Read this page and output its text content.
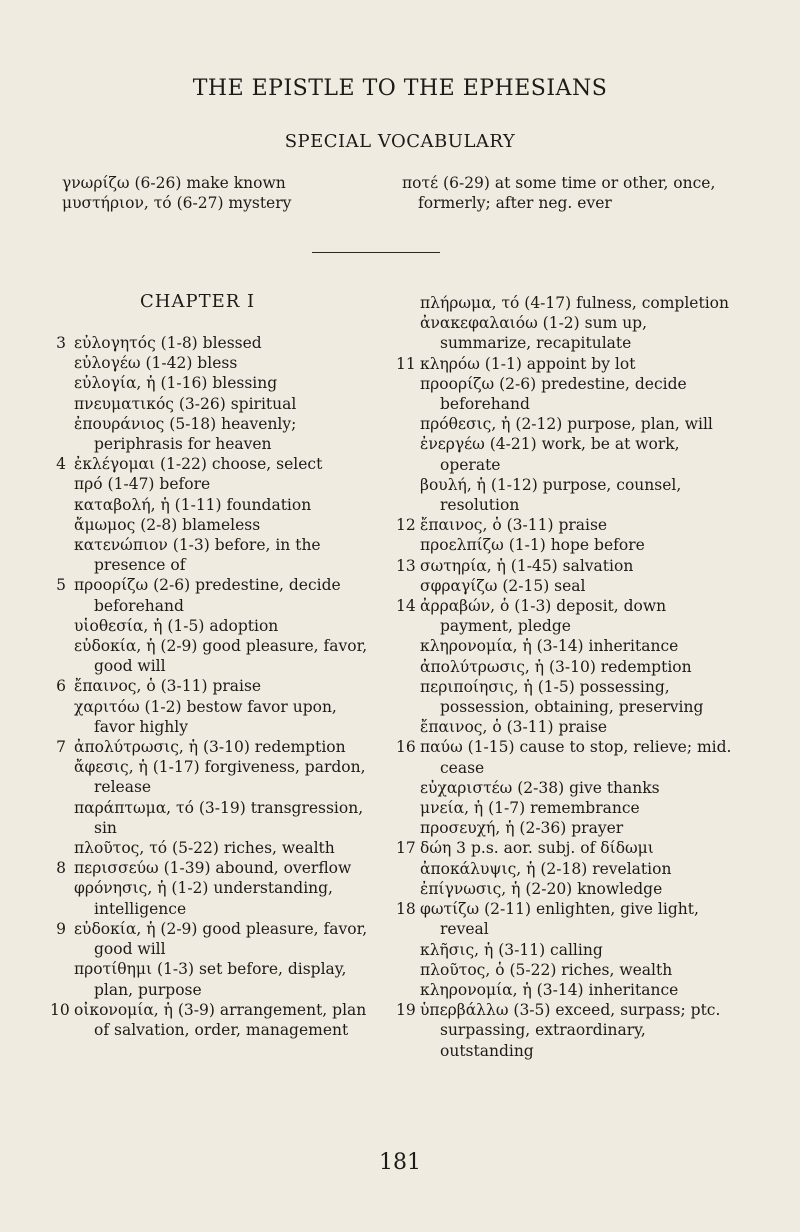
THE EPISTLE TO THE EPHESIANS
SPECIAL VOCABULARY
γνωρίζω (6-26) make known
μυστήριον, τό (6-27) mystery
ποτέ (6-29) at some time or other, once, formerly; after neg. ever
CHAPTER I
3 εὐλογητός (1-8) blessed
εὐλογέω (1-42) bless
εὐλογία, ἡ (1-16) blessing
πνευματικός (3-26) spiritual
ἐπουράνιος (5-18) heavenly; periphrasis for heaven
4 ἐκλέγομαι (1-22) choose, select
πρό (1-47) before
καταβολή, ἡ (1-11) foundation
ἄμωμος (2-8) blameless
κατενώπιον (1-3) before, in the presence of
5 προορίζω (2-6) predestine, decide beforehand
υἱοθεσία, ἡ (1-5) adoption
εὐδοκία, ἡ (2-9) good pleasure, favor, good will
6 ἔπαινος, ὁ (3-11) praise
χαριτόω (1-2) bestow favor upon, favor highly
7 ἀπολύτρωσις, ἡ (3-10) redemption
ἄφεσις, ἡ (1-17) forgiveness, pardon, release
παράπτωμα, τό (3-19) transgression, sin
πλοῦτος, τό (5-22) riches, wealth
8 περισσεύω (1-39) abound, overflow
φρόνησις, ἡ (1-2) understanding, intelligence
9 εὐδοκία, ἡ (2-9) good pleasure, favor, good will
προτίθημι (1-3) set before, display, plan, purpose
10 οἰκονομία, ἡ (3-9) arrangement, plan of salvation, order, management
πλήρωμα, τό (4-17) fulness, completion
ἀνακεφαλαιόω (1-2) sum up, summarize, recapitulate
11 κληρόω (1-1) appoint by lot
προορίζω (2-6) predestine, decide beforehand
πρόθεσις, ἡ (2-12) purpose, plan, will
ἐνεργέω (4-21) work, be at work, operate
βουλή, ἡ (1-12) purpose, counsel, resolution
12 ἔπαινος, ὁ (3-11) praise
προελπίζω (1-1) hope before
13 σωτηρία, ἡ (1-45) salvation
σφραγίζω (2-15) seal
14 ἀρραβών, ὁ (1-3) deposit, down payment, pledge
κληρονομία, ἡ (3-14) inheritance
ἀπολύτρωσις, ἡ (3-10) redemption
περιποίησις, ἡ (1-5) possessing, possession, obtaining, preserving
ἔπαινος, ὁ (3-11) praise
16 παύω (1-15) cause to stop, relieve; mid. cease
εὐχαριστέω (2-38) give thanks
μνεία, ἡ (1-7) remembrance
προσευχή, ἡ (2-36) prayer
17 δώη 3 p.s. aor. subj. of δίδωμι
ἀποκάλυψις, ἡ (2-18) revelation
ἐπίγνωσις, ἡ (2-20) knowledge
18 φωτίζω (2-11) enlighten, give light, reveal
κλῆσις, ἡ (3-11) calling
πλοῦτος, ὁ (5-22) riches, wealth
κληρονομία, ἡ (3-14) inheritance
19 ὑπερβάλλω (3-5) exceed, surpass; ptc. surpassing, extraordinary, outstanding
181
